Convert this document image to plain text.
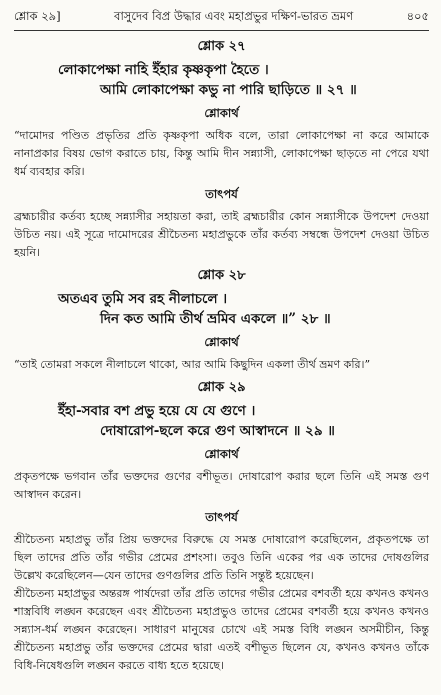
শ্লোক ২৯]	বাসুদেব বিপ্র উদ্ধার এবং মহাপ্রভুর দক্ষিণ-ভারত ভ্রমণ	৪০৫
শ্লোক ২৭
লোকাপেক্ষা নাহি ইঁহার কৃষ্ণকৃপা হৈতে ।
আমি লোকাপেক্ষা কভু না পারি ছাড়িতে ॥ ২৭ ॥
শ্লোকার্থ
“দামোদর পণ্ডিত প্রভৃতির প্রতি কৃষ্ণকৃপা অধিক বলে, তারা লোকাপেক্ষা না করে আমাকে নানাপ্রকার বিষয় ভোগ করাতে চায়, কিন্তু আমি দীন সন্ন্যাসী, লোকাপেক্ষা ছাড়তে না পেরে যথা ধর্ম ব্যবহার করি।
তাৎপর্য
ব্রহ্মচারীর কর্তব্য হচ্ছে সন্ন্যাসীর সহায়তা করা, তাই ব্রহ্মচারীর কোন সন্ন্যাসীকে উপদেশ দেওয়া উচিত নয়। এই সূত্রে দামোদরের শ্রীচৈতন্য মহাপ্রভুকে তাঁর কর্তব্য সম্বন্ধে উপদেশ দেওয়া উচিত হয়নি।
শ্লোক ২৮
অতএব তুমি সব রহ নীলাচলে ।
দিন কত আমি তীর্থ ভ্রমিব একলে ॥” ২৮ ॥
শ্লোকার্থ
“তাই তোমরা সকলে নীলাচলে থাকো, আর আমি কিছুদিন একলা তীর্থ ভ্রমণ করি।”
শ্লোক ২৯
ইঁহা-সবার বশ প্রভু হয়ে যে যে গুণে ।
দোষারোপ-ছলে করে গুণ আস্বাদনে ॥ ২৯ ॥
শ্লোকার্থ
প্রকৃতপক্ষে ভগবান তাঁর ভক্তদের গুণের বশীভূত। দোষারোপ করার ছলে তিনি এই সমস্ত গুণ আস্বাদন করেন।
তাৎপর্য
শ্রীচৈতন্য মহাপ্রভু তাঁর প্রিয় ভক্তদের বিরুদ্ধে যে সমস্ত দোষারোপ করেছিলেন, প্রকৃতপক্ষে তা ছিল তাদের প্রতি তাঁর গভীর প্রেমের প্রশংসা। তবুও তিনি একের পর এক তাদের দোষগুলির উল্লেখ করেছিলেন—যেন তাদের গুণগুলির প্রতি তিনি সন্তুষ্ট হয়েছেন।
শ্রীচৈতন্য মহাপ্রভুর অন্তরঙ্গ পার্ষদেরা তাঁর প্রতি তাদের গভীর প্রেমের বশবর্তী হয়ে কখনও কখনও শাস্ত্রবিধি লঙ্ঘন করেছেন এবং শ্রীচৈতন্য মহাপ্রভুও তাদের প্রেমের বশবর্তী হয়ে কখনও কখনও সন্ন্যাস-ধর্ম লঙ্ঘন করেছেন। সাধারণ মানুষের চোখে এই সমস্ত বিধি লঙ্ঘন অসমীচীন, কিন্তু শ্রীচৈতন্য মহাপ্রভু তাঁর ভক্তদের প্রেমের দ্বারা এতই বশীভূত ছিলেন যে, কখনও কখনও তাঁকে বিধি-নিষেধগুলি লঙ্ঘন করতে বাধ্য হতে হয়েছে।
